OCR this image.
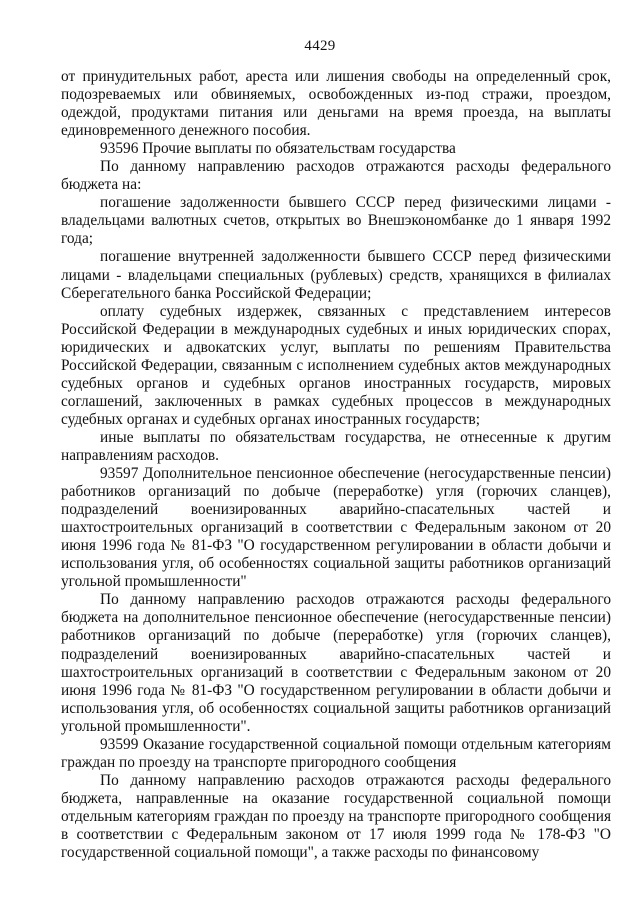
4429

от принудительных работ, ареста или лишения свободы на определенный срок, подозреваемых или обвиняемых, освобожденных из-под стражи, проездом, одеждой, продуктами питания или деньгами на время проезда, на выплаты единовременного денежного пособия.

93596 Прочие выплаты по обязательствам государства

По данному направлению расходов отражаются расходы федерального бюджета на:

погашение задолженности бывшего СССР перед физическими лицами - владельцами валютных счетов, открытых во Внешэкономбанке до 1 января 1992 года;

погашение внутренней задолженности бывшего СССР перед физическими лицами - владельцами специальных (рублевых) средств, хранящихся в филиалах Сберегательного банка Российской Федерации;

оплату судебных издержек, связанных с представлением интересов Российской Федерации в международных судебных и иных юридических спорах, юридических и адвокатских услуг, выплаты по решениям Правительства Российской Федерации, связанным с исполнением судебных актов международных судебных органов и судебных органов иностранных государств, мировых соглашений, заключенных в рамках судебных процессов в международных судебных органах и судебных органах иностранных государств;

иные выплаты по обязательствам государства, не отнесенные к другим направлениям расходов.

93597 Дополнительное пенсионное обеспечение (негосударственные пенсии) работников организаций по добыче (переработке) угля (горючих сланцев), подразделений военизированных аварийно-спасательных частей и шахтостроительных организаций в соответствии с Федеральным законом от 20 июня 1996 года № 81-ФЗ "О государственном регулировании в области добычи и использования угля, об особенностях социальной защиты работников организаций угольной промышленности"

По данному направлению расходов отражаются расходы федерального бюджета на дополнительное пенсионное обеспечение (негосударственные пенсии) работников организаций по добыче (переработке) угля (горючих сланцев), подразделений военизированных аварийно-спасательных частей и шахтостроительных организаций в соответствии с Федеральным законом от 20 июня 1996 года № 81-ФЗ "О государственном регулировании в области добычи и использования угля, об особенностях социальной защиты работников организаций угольной промышленности".

93599 Оказание государственной социальной помощи отдельным категориям граждан по проезду на транспорте пригородного сообщения

По данному направлению расходов отражаются расходы федерального бюджета, направленные на оказание государственной социальной помощи отдельным категориям граждан по проезду на транспорте пригородного сообщения в соответствии с Федеральным законом от 17 июля 1999 года № 178-ФЗ "О государственной социальной помощи", а также расходы по финансовому
